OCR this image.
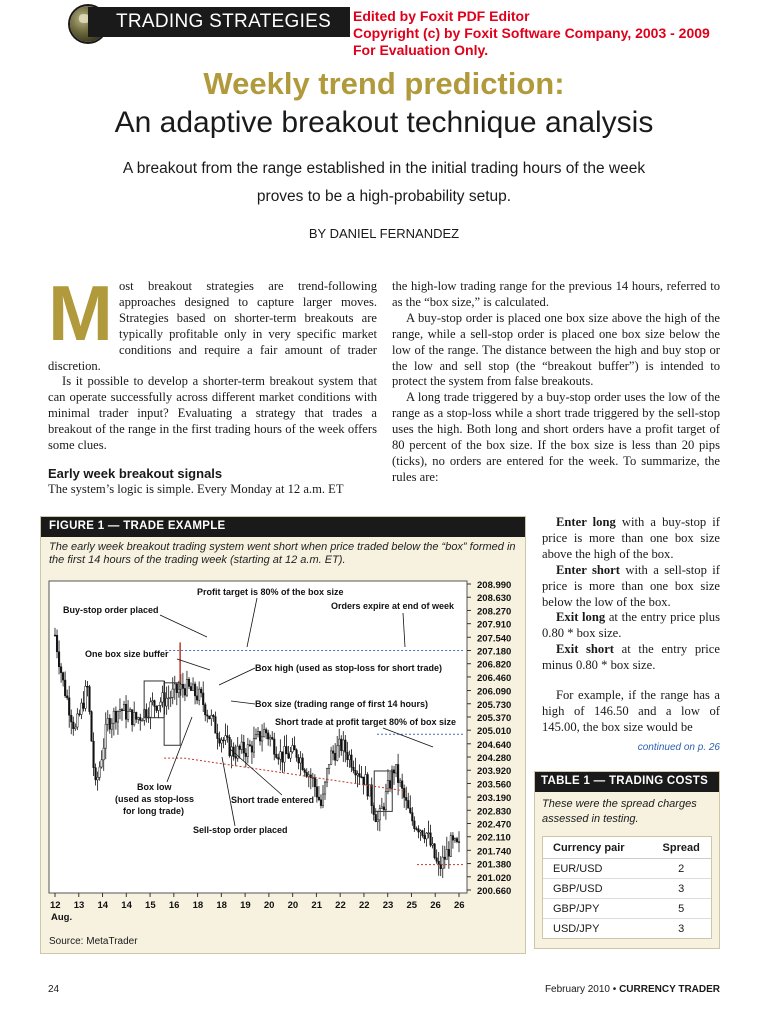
TRADING STRATEGIES Edited by Foxit PDF Editor
Copyright (c) by Foxit Software Company, 2003 - 2009
For Evaluation Only.
Weekly trend prediction:
An adaptive breakout technique analysis
A breakout from the range established in the initial trading hours of the week
proves to be a high-probability setup.
BY DANIEL FERNANDEZ

Most breakout strategies are trend-following approaches designed to capture larger moves. Strategies based on shorter-term breakouts are typically profitable only in very specific market conditions and require a fair amount of trader discretion.

Is it possible to develop a shorter-term breakout system that can operate successfully across different market conditions with minimal trader input? Evaluating a strategy that trades a breakout of the range in the first trading hours of the week offers some clues.

Early week breakout signals

The system’s logic is simple. Every Monday at 12 a.m. ET

the high-low trading range for the previous 14 hours, referred to as the “box size,” is calculated.

A buy-stop order is placed one box size above the high of the range, while a sell-stop order is placed one box size below the low of the range. The distance between the high and buy stop or the low and sell stop (the “breakout buffer”) is intended to protect the system from false breakouts.

A long trade triggered by a buy-stop order uses the low of the range as a stop-loss while a short trade triggered by the sell-stop uses the high. Both long and short orders have a profit target of 80 percent of the box size. If the box size is less than 20 pips (ticks), no orders are entered for the week. To summarize, the rules are:

Enter long with a buy-stop if price is more than one box size above the high of the box.

Enter short with a sell-stop if price is more than one box size below the low of the box.

Exit long at the entry price plus 0.80 * box size.

Exit short at the entry price minus 0.80 * box size.

For example, if the range has a high of 146.50 and a low of 145.00, the box size would be

continued on p. 26
FIGURE 1 — TRADE EXAMPLE
The early week breakout trading system went short when price traded below the “box” formed in the first 14 hours of the trading week (starting at 12 a.m. ET).
208.990
208.630
208.270
207.910
207.540
207.180
206.820
206.460
206.090
205.730
205.370
205.010
204.640
204.280
203.920
203.560
203.190
202.830
202.470
202.110
201.740
201.380
201.020
200.660
12 13 14 14 15 16 18 18 19 20 20 21 22 22 23 25 26 26
Aug.
Profit target is 80% of the box size
Buy-stop order placed	Orders expire at end of week
One box size buffer
Box high (used as stop-loss for short trade)
Box size (trading range of first 14 hours)
Short trade at profit target 80% of box size
Box low
(used as stop-loss
for long trade)
Short trade entered
Sell-stop order placed
Source: MetaTrader
TABLE 1 — TRADING COSTS
These were the spread charges assessed in testing.
Currency pair	Spread
EUR/USD	2
GBP/USD	3
GBP/JPY	5
USD/JPY	3
24	February 2010 • CURRENCY TRADER
